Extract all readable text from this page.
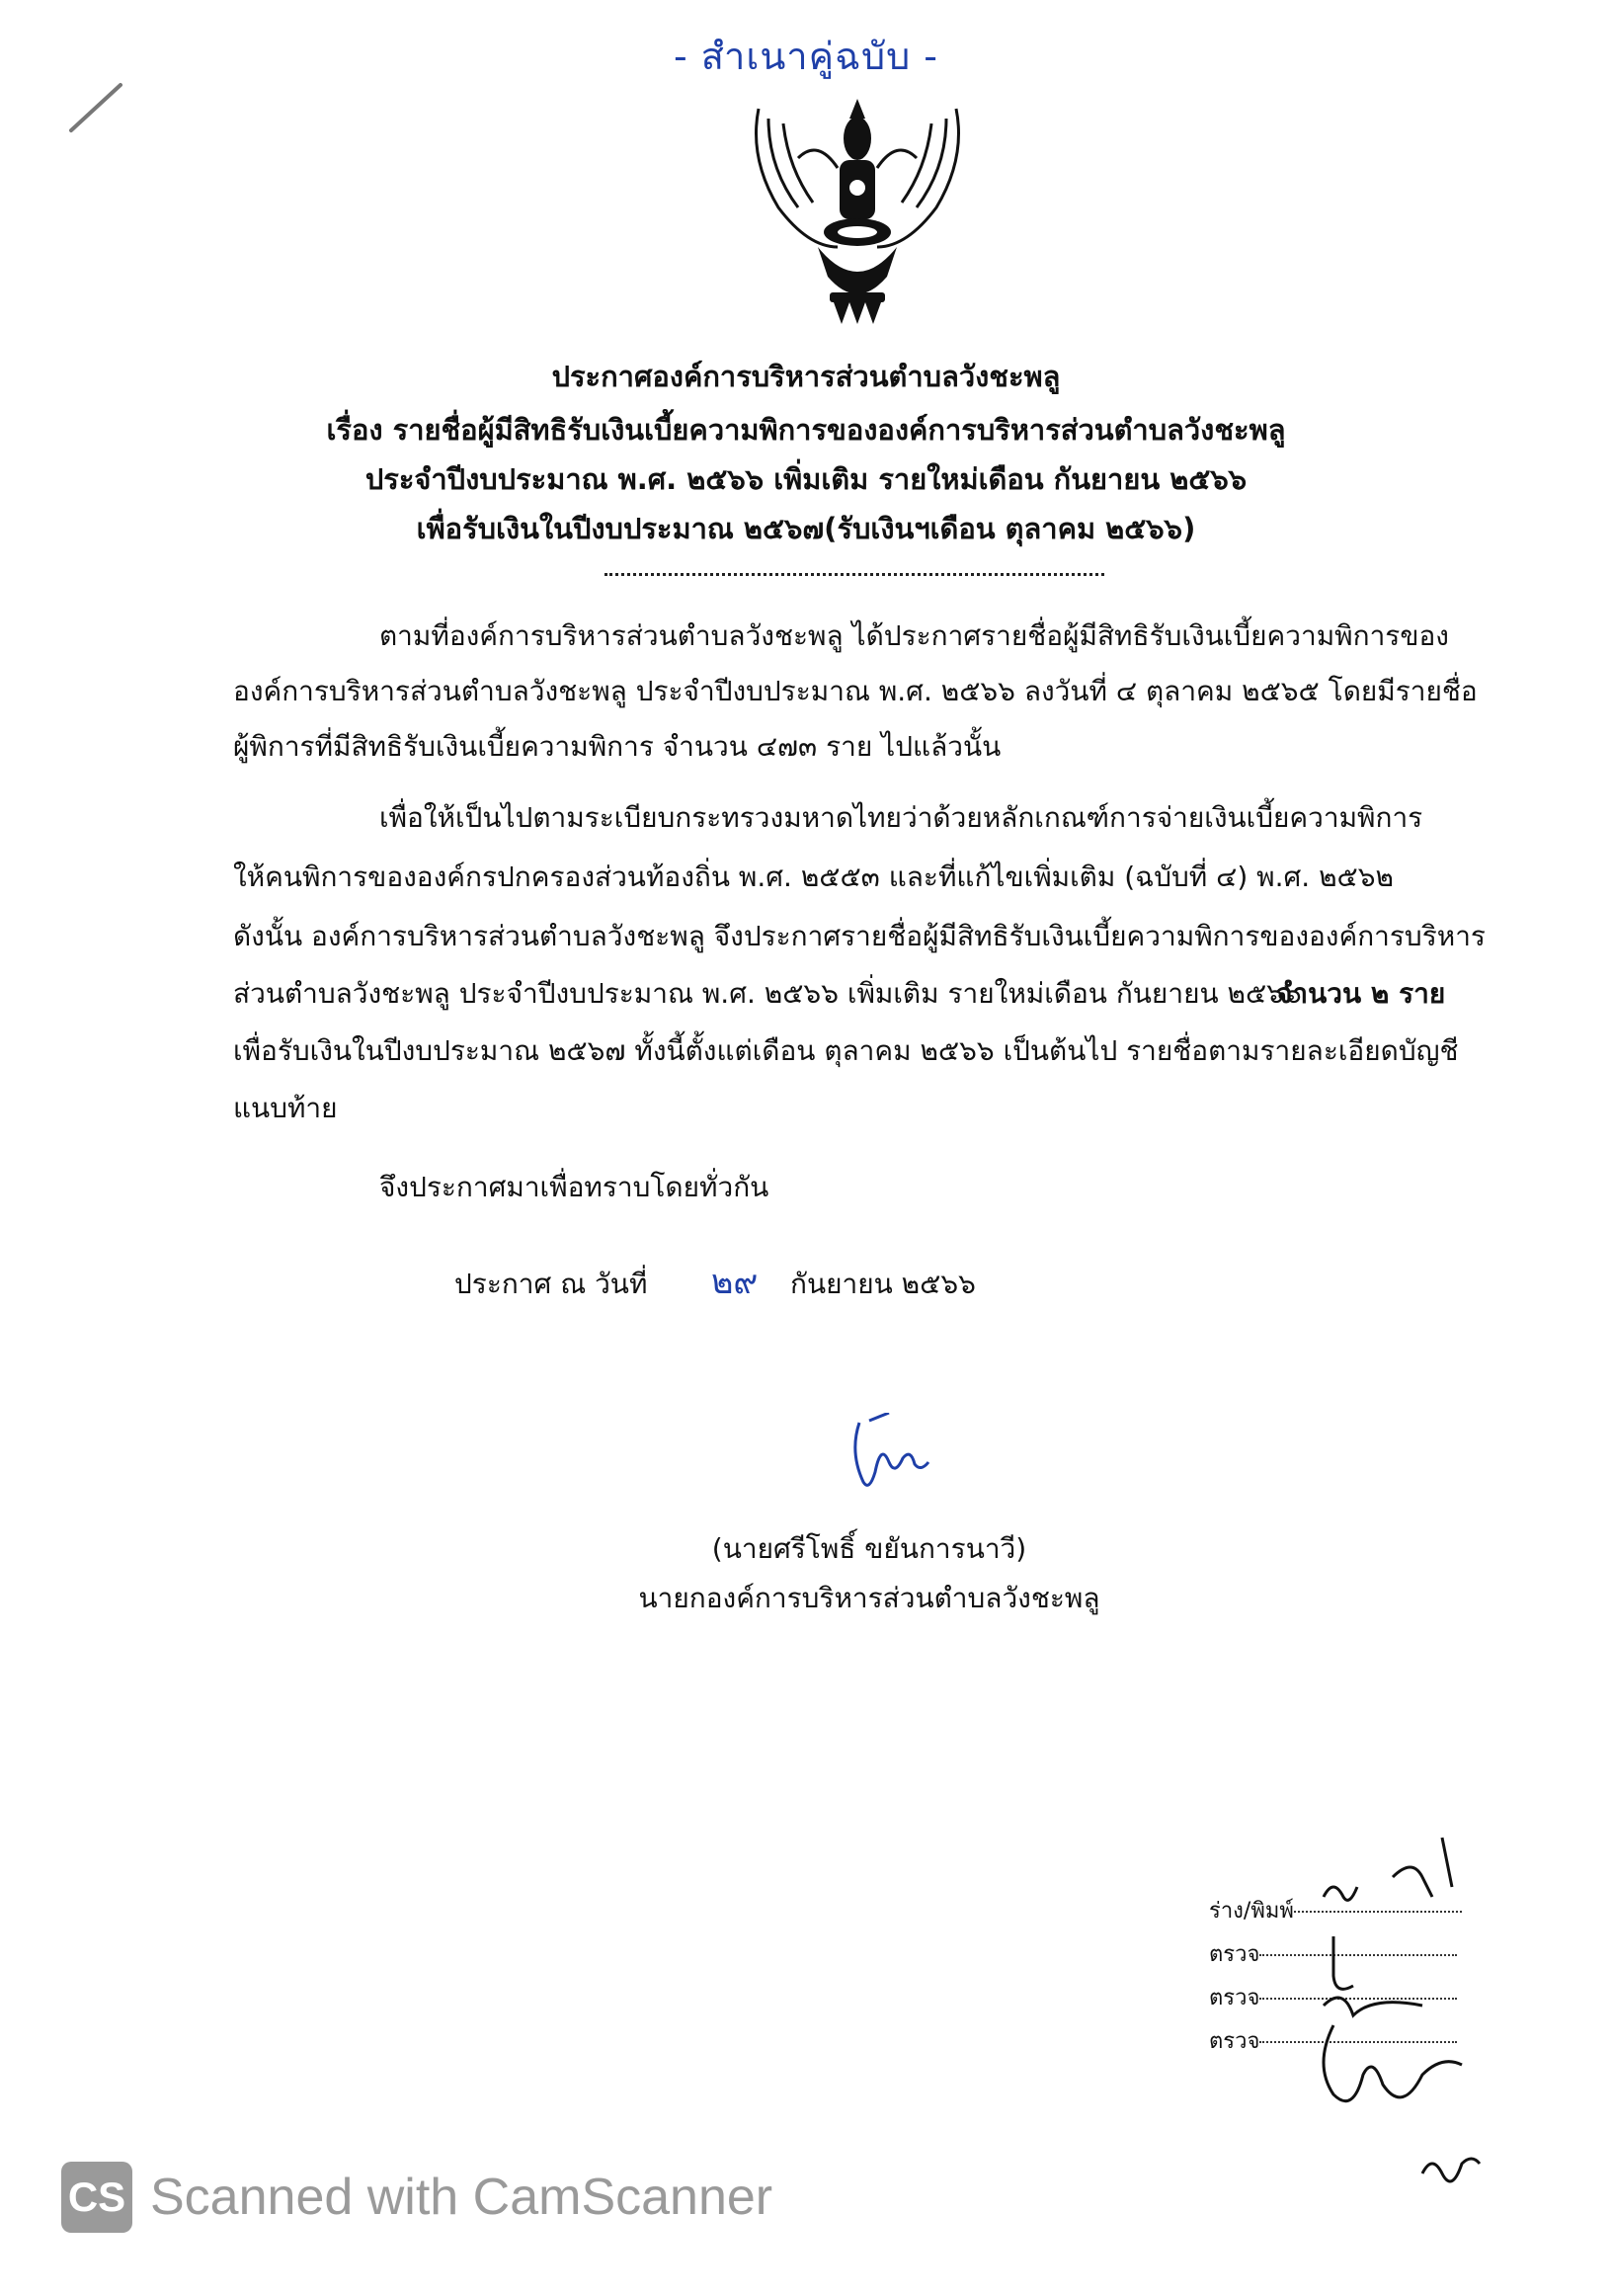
- สำเนาคู่ฉบับ -
ประกาศองค์การบริหารส่วนตำบลวังชะพลู
เรื่อง รายชื่อผู้มีสิทธิรับเงินเบี้ยความพิการขององค์การบริหารส่วนตำบลวังชะพลู
ประจำปีงบประมาณ พ.ศ. ๒๕๖๖ เพิ่มเติม รายใหม่เดือน กันยายน ๒๕๖๖
เพื่อรับเงินในปีงบประมาณ ๒๕๖๗(รับเงินฯเดือน ตุลาคม ๒๕๖๖)
ตามที่องค์การบริหารส่วนตำบลวังชะพลู ได้ประกาศรายชื่อผู้มีสิทธิรับเงินเบี้ยความพิการของ
องค์การบริหารส่วนตำบลวังชะพลู ประจำปีงบประมาณ พ.ศ. ๒๕๖๖ ลงวันที่ ๔ ตุลาคม ๒๕๖๕ โดยมีรายชื่อ
ผู้พิการที่มีสิทธิรับเงินเบี้ยความพิการ จำนวน ๔๗๓ ราย ไปแล้วนั้น
เพื่อให้เป็นไปตามระเบียบกระทรวงมหาดไทยว่าด้วยหลักเกณฑ์การจ่ายเงินเบี้ยความพิการ
ให้คนพิการขององค์กรปกครองส่วนท้องถิ่น พ.ศ. ๒๕๕๓ และที่แก้ไขเพิ่มเติม (ฉบับที่ ๔) พ.ศ. ๒๕๖๒
ดังนั้น องค์การบริหารส่วนตำบลวังชะพลู จึงประกาศรายชื่อผู้มีสิทธิรับเงินเบี้ยความพิการขององค์การบริหาร
ส่วนตำบลวังชะพลู ประจำปีงบประมาณ พ.ศ. ๒๕๖๖ เพิ่มเติม รายใหม่เดือน กันยายน ๒๕๖๖
จำนวน ๒ ราย
เพื่อรับเงินในปีงบประมาณ ๒๕๖๗ ทั้งนี้ตั้งแต่เดือน ตุลาคม ๒๕๖๖ เป็นต้นไป รายชื่อตามรายละเอียดบัญชี
แนบท้าย
จึงประกาศมาเพื่อทราบโดยทั่วกัน
ประกาศ ณ วันที่ ๒๙ กันยายน ๒๕๖๖
(นายศรีโพธิ์ ขยันการนาวี)
นายกองค์การบริหารส่วนตำบลวังชะพลู
ร่าง/พิมพ์
ตรวจ
ตรวจ
ตรวจ
CS Scanned with CamScanner
